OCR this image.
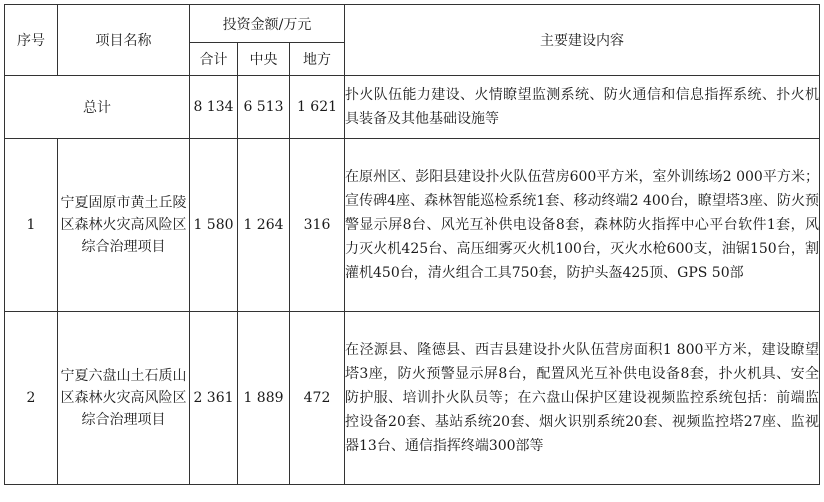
序号	项目名称	投资金额/万元			主要建设内容
		合计	中央	地方	
总计		8 134	6 513	1 621	扑火队伍能力建设、火情瞭望监测系统、防火通信和信息指挥系统、扑火机具装备及其他基础设施等
1	宁夏固原市黄土丘陵区森林火灾高风险区综合治理项目	1 580	1 264	316	在原州区、彭阳县建设扑火队伍营房600平方米，室外训练场2 000平方米；宣传碑4座、森林智能巡检系统1套、移动终端2 400台，瞭望塔3座、防火预警显示屏8台、风光互补供电设备8套，森林防火指挥中心平台软件1套，风力灭火机425台、高压细雾灭火机100台，灭火水枪600支，油锯150台，割灌机450台，清火组合工具750套，防护头盔425顶、GPS 50部
2	宁夏六盘山土石质山区森林火灾高风险区综合治理项目	2 361	1 889	472	在泾源县、隆德县、西吉县建设扑火队伍营房面积1 800平方米，建设瞭望塔3座，防火预警显示屏8台，配置风光互补供电设备8套，扑火机具、安全防护服、培训扑火队员等；在六盘山保护区建设视频监控系统包括：前端监控设备20套、基站系统20套、烟火识别系统20套、视频监控塔27座、监视器13台、通信指挥终端300部等
